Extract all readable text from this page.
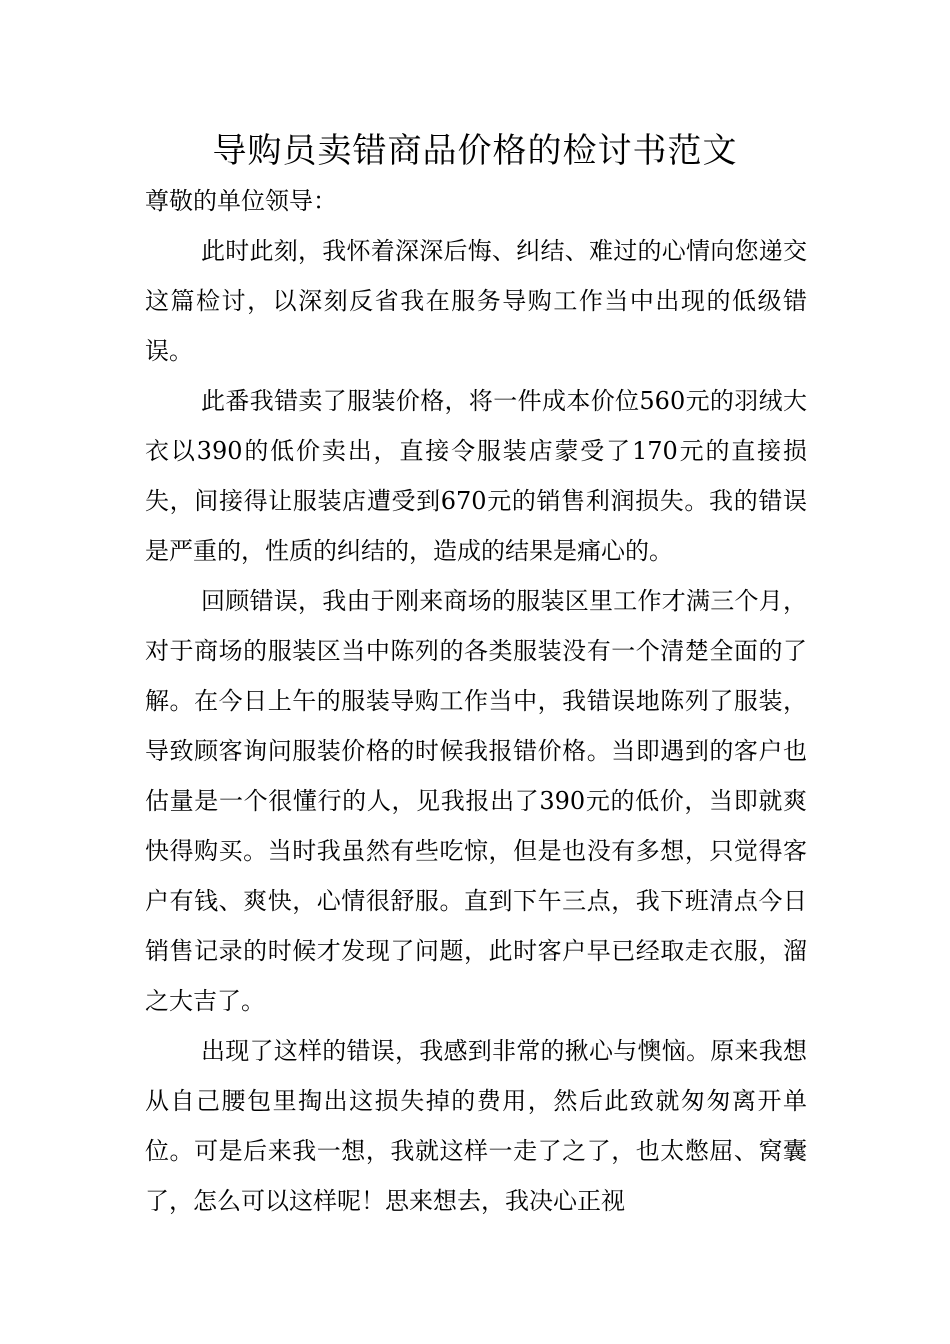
导购员卖错商品价格的检讨书范文

尊敬的单位领导：

此时此刻，我怀着深深后悔、纠结、难过的心情向您递交这篇检讨，以深刻反省我在服务导购工作当中出现的低级错误。

此番我错卖了服装价格，将一件成本价位560元的羽绒大衣以390的低价卖出，直接令服装店蒙受了170元的直接损失，间接得让服装店遭受到670元的销售利润损失。我的错误是严重的，性质的纠结的，造成的结果是痛心的。

回顾错误，我由于刚来商场的服装区里工作才满三个月，对于商场的服装区当中陈列的各类服装没有一个清楚全面的了解。在今日上午的服装导购工作当中，我错误地陈列了服装，导致顾客询问服装价格的时候我报错价格。当即遇到的客户也估量是一个很懂行的人，见我报出了390元的低价，当即就爽快得购买。当时我虽然有些吃惊，但是也没有多想，只觉得客户有钱、爽快，心情很舒服。直到下午三点，我下班清点今日销售记录的时候才发现了问题，此时客户早已经取走衣服，溜之大吉了。

出现了这样的错误，我感到非常的揪心与懊恼。原来我想从自己腰包里掏出这损失掉的费用，然后此致就匆匆离开单位。可是后来我一想，我就这样一走了之了，也太憋屈、窝囊了，怎么可以这样呢！思来想去，我决心正视
